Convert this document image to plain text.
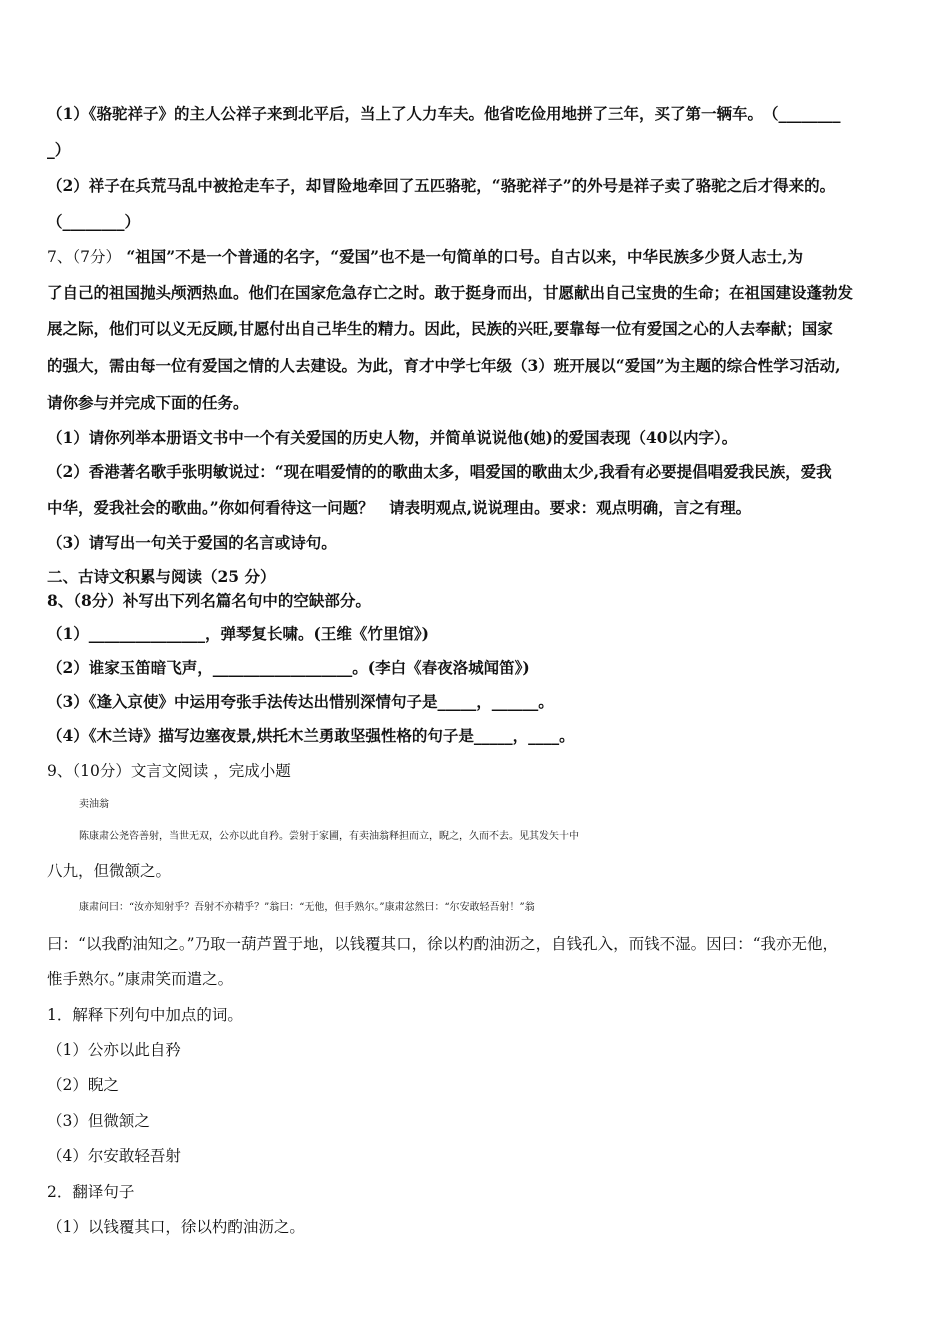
（1）《骆驼祥子》的主人公祥子来到北平后，当上了人力车夫。他省吃俭用地拼了三年，买了第一辆车。　（________
_）
（2）祥子在兵荒马乱中被抢走车子，却冒险地牵回了五匹骆驼，“骆驼祥子”的外号是祥子卖了骆驼之后才得来的。
（________）
7、（7分） “祖国”不是一个普通的名字，“爱国”也不是一句简单的口号。自古以来，中华民族多少贤人志士,为
了自己的祖国抛头颅洒热血。他们在国家危急存亡之时。敢于挺身而出，甘愿献出自己宝贵的生命；在祖国建设蓬勃发
展之际，他们可以义无反顾,甘愿付出自己毕生的精力。因此，民族的兴旺,要靠每一位有爱国之心的人去奉献；国家
的强大，需由每一位有爱国之情的人去建设。为此，育才中学七年级（3）班开展以“爱国”为主题的综合性学习活动,
请你参与并完成下面的任务。
（1）请你列举本册语文书中一个有关爱国的历史人物，并简单说说他(她)的爱国表现（40以内字）。
（2）香港著名歌手张明敏说过：“现在唱爱情的的歌曲太多，唱爱国的歌曲太少,我看有必要提倡唱爱我民族，爱我
中华，爱我社会的歌曲。”你如何看待这一问题？　请表明观点,说说理由。要求：观点明确，言之有理。
（3）请写出一句关于爱国的名言或诗句。
二、古诗文积累与阅读（25 分）
8、（8分）补写出下列名篇名句中的空缺部分。
（1）_______________，弹琴复长啸。(王维《竹里馆》)
（2）谁家玉笛暗飞声，__________________。(李白《春夜洛城闻笛》)
（3）《逢入京使》中运用夸张手法传达出惜别深情句子是_____，______。
（4）《木兰诗》描写边塞夜景,烘托木兰勇敢坚强性格的句子是_____，____。
9、（10分）文言文阅读 ，完成小题
卖油翁
陈康肃公尧咨善射，当世无双，公亦以此自矜。尝射于家圃，有卖油翁释担而立，睨之，久而不去。见其发矢十中
八九，但微颔之。
康肃问曰：“汝亦知射乎？吾射不亦精乎？”翁曰：“无他，但手熟尔。”康肃忿然曰：“尔安敢轻吾射！”翁
曰：“以我酌油知之。”乃取一葫芦置于地，以钱覆其口，徐以杓酌油沥之，自钱孔入，而钱不湿。因曰：“我亦无他，
惟手熟尔。”康肃笑而遣之。
1．解释下列句中加点的词。
（1）公亦以此自矜
（2）睨之
（3）但微颔之
（4）尔安敢轻吾射
2．翻译句子
（1）以钱覆其口，徐以杓酌油沥之。
